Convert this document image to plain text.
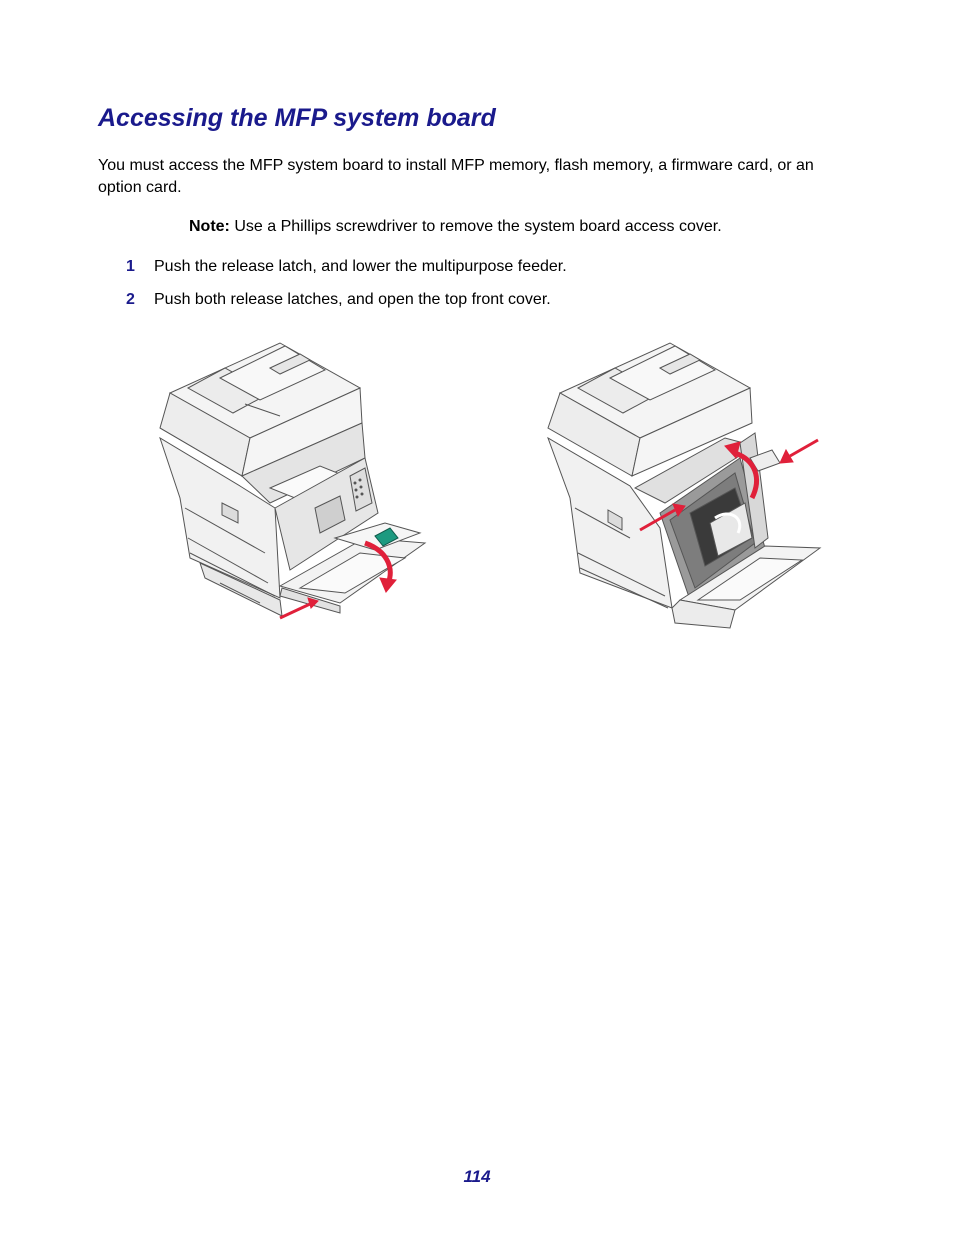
Accessing the MFP system board

You must access the MFP system board to install MFP memory, flash memory, a firmware card, or an option card.

Note: Use a Phillips screwdriver to remove the system board access cover.

1 Push the release latch, and lower the multipurpose feeder.
2 Push both release latches, and open the top front cover.
114
